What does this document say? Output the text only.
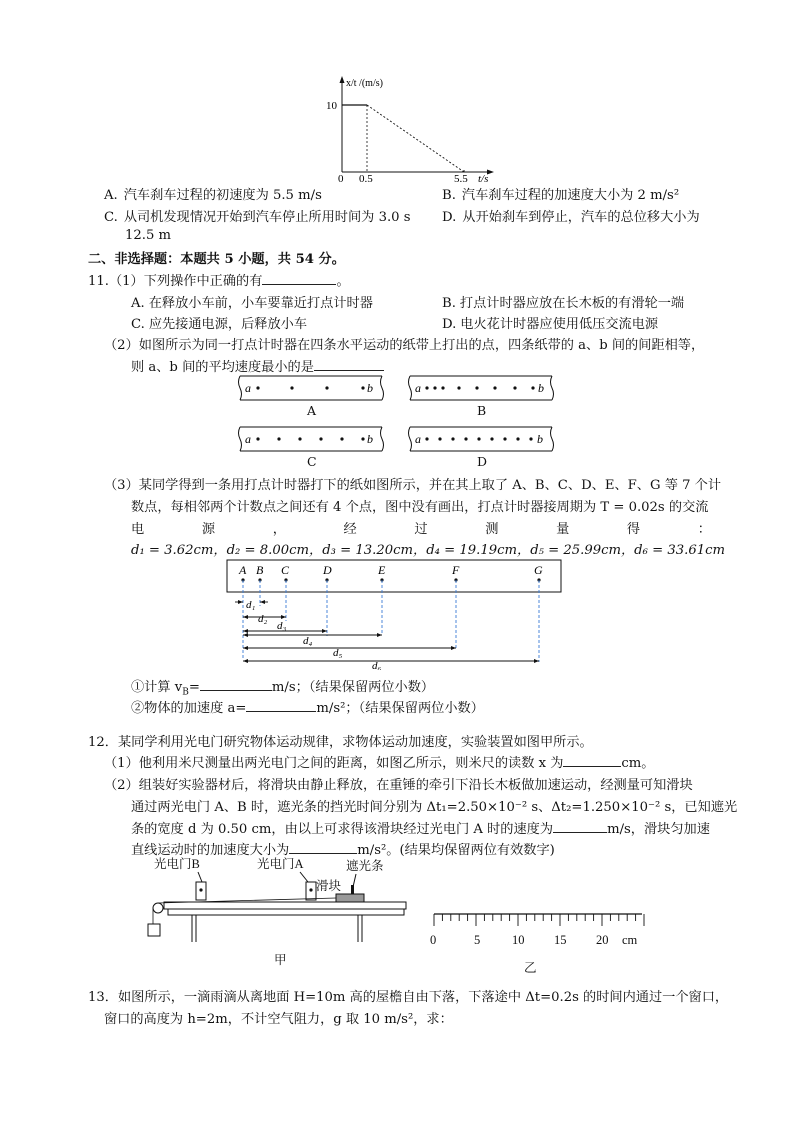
x/t /(m/s)
10
0 0.5	5.5 t/s
A. 汽车刹车过程的初速度为 5.5 m/s	B. 汽车刹车过程的加速度大小为 2 m/s²
C. 从司机发现情况开始到汽车停止所用时间为 3.0 s D. 从开始刹车到停止，汽车的总位移大小为
12.5 m
二、非选择题：本题共 5 小题，共 54 分。
11.（1）下列操作中正确的有	。
A. 在释放小车前，小车要靠近打点计时器	B. 打点计时器应放在长木板的有滑轮一端
C. 应先接通电源，后释放小车	D. 电火花计时器应使用低压交流电源
（2）如图所示为同一打点计时器在四条水平运动的纸带上打出的点，四条纸带的 a、b 间的间距相等，
则 a、b 间的平均速度最小的是
a	b
A
a	b
B
a	b
C
a	b
D
（3）某同学得到一条用打点计时器打下的纸如图所示，并在其上取了 A、B、C、D、E、F、G 等 7 个计
数点，每相邻两个计数点之间还有 4 个点，图中没有画出，打点计时器接周期为 T = 0.02s 的交流
电	源	，	经	过	测	量	得	：
d₁ = 3.62cm，d₂ = 8.00cm，d₃ = 13.20cm，d₄ = 19.19cm，d₅ = 25.99cm，d₆ = 33.61cm
A B C	D	E	F	G
d₁
d₂
d₃
d₄
d₅
d₆
①计算 $v_B=$	m/s；（结果保留两位小数）
②物体的加速度 a=	m/s²；（结果保留两位小数）
12．某同学利用光电门研究物体运动规律，求物体运动加速度，实验装置如图甲所示。
（1）他利用米尺测量出两光电门之间的距离，如图乙所示，则米尺的读数 x 为	cm。
（2）组装好实验器材后，将滑块由静止释放，在重锤的牵引下沿长木板做加速运动，经测量可知滑块
通过两光电门 A、B 时，遮光条的挡光时间分别为 Δt₁=2.50×10⁻² s、Δt₂=1.250×10⁻² s，已知遮光
条的宽度 d 为 0.50 cm，由以上可求得该滑块经过光电门 A 时的速度为	m/s，滑块匀加速
直线运动时的加速度大小为	m/s²。(结果均保留两位有效数字)
光电门B	光电门A
滑块
遮光条
甲
0	5	10 15 20 cm
乙
13．如图所示，一滴雨滴从离地面 H=10m 高的屋檐自由下落，下落途中 Δt=0.2s 的时间内通过一个窗口，
窗口的高度为 h=2m，不计空气阻力，g 取 10 m/s²，求：
